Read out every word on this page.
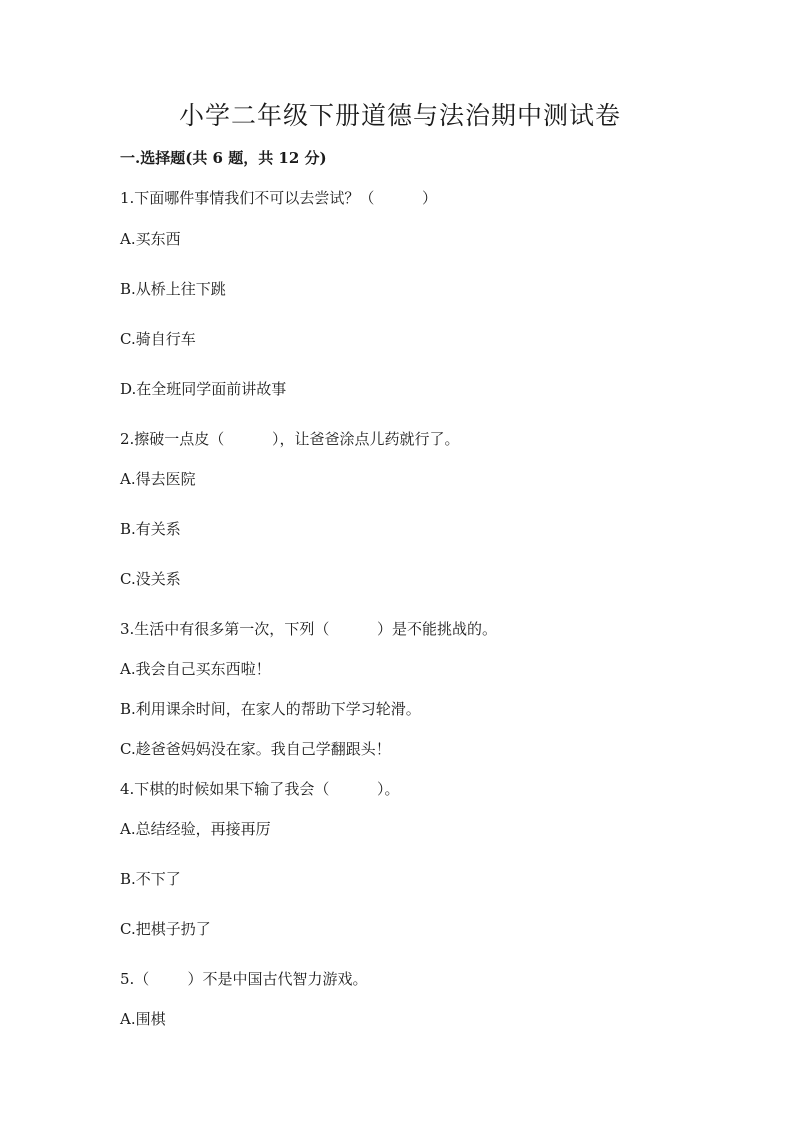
小学二年级下册道德与法治期中测试卷
一.选择题(共 6 题，共 12 分)
1.下面哪件事情我们不可以去尝试？（          ）
A.买东西
B.从桥上往下跳
C.骑自行车
D.在全班同学面前讲故事
2.擦破一点皮（          ），让爸爸涂点儿药就行了。
A.得去医院
B.有关系
C.没关系
3.生活中有很多第一次，下列（          ）是不能挑战的。
A.我会自己买东西啦！
B.利用课余时间，在家人的帮助下学习轮滑。
C.趁爸爸妈妈没在家。我自己学翻跟头！
4.下棋的时候如果下输了我会（          ）。
A.总结经验，再接再厉
B.不下了
C.把棋子扔了
5.（        ）不是中国古代智力游戏。
A.围棋
